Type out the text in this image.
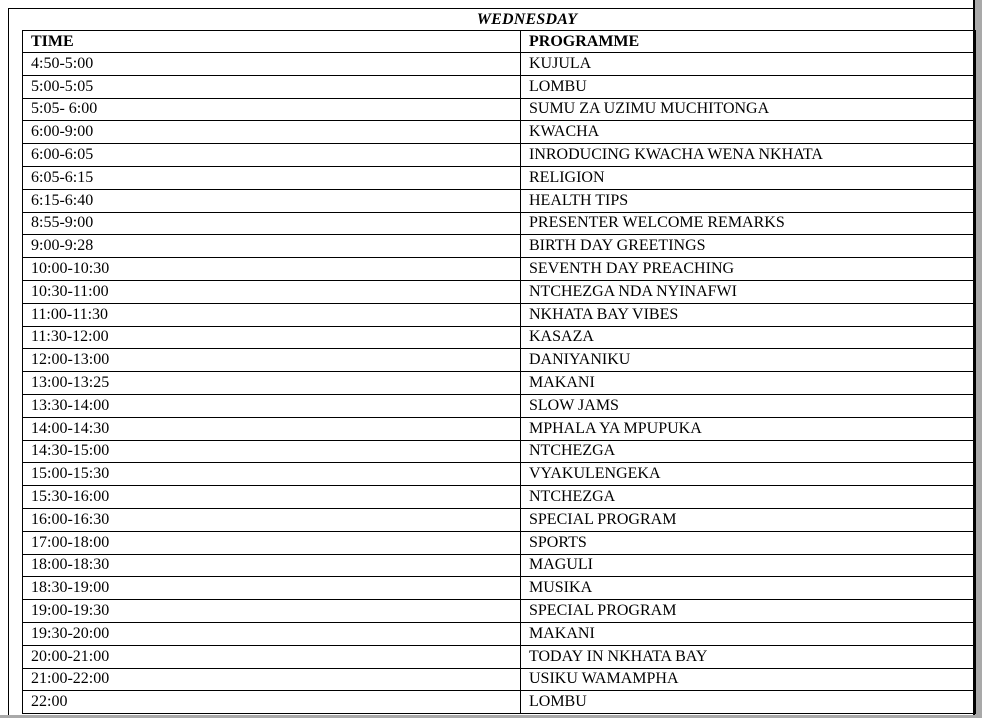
WEDNESDAY
TIME	PROGRAMME
4:50-5:00	KUJULA
5:00-5:05	LOMBU
5:05- 6:00	SUMU ZA UZIMU MUCHITONGA
6:00-9:00	KWACHA
6:00-6:05	INRODUCING KWACHA WENA NKHATA
6:05-6:15	RELIGION
6:15-6:40	HEALTH TIPS
8:55-9:00	PRESENTER WELCOME REMARKS
9:00-9:28	BIRTH DAY GREETINGS
10:00-10:30	SEVENTH DAY PREACHING
10:30-11:00	NTCHEZGA NDA NYINAFWI
11:00-11:30	NKHATA BAY VIBES
11:30-12:00	KASAZA
12:00-13:00	DANIYANIKU
13:00-13:25	MAKANI
13:30-14:00	SLOW JAMS
14:00-14:30	MPHALA YA MPUPUKA
14:30-15:00	NTCHEZGA
15:00-15:30	VYAKULENGEKA
15:30-16:00	NTCHEZGA
16:00-16:30	SPECIAL PROGRAM
17:00-18:00	SPORTS
18:00-18:30	MAGULI
18:30-19:00	MUSIKA
19:00-19:30	SPECIAL PROGRAM
19:30-20:00	MAKANI
20:00-21:00	TODAY IN NKHATA BAY
21:00-22:00	USIKU WAMAMPHA
22:00	LOMBU
